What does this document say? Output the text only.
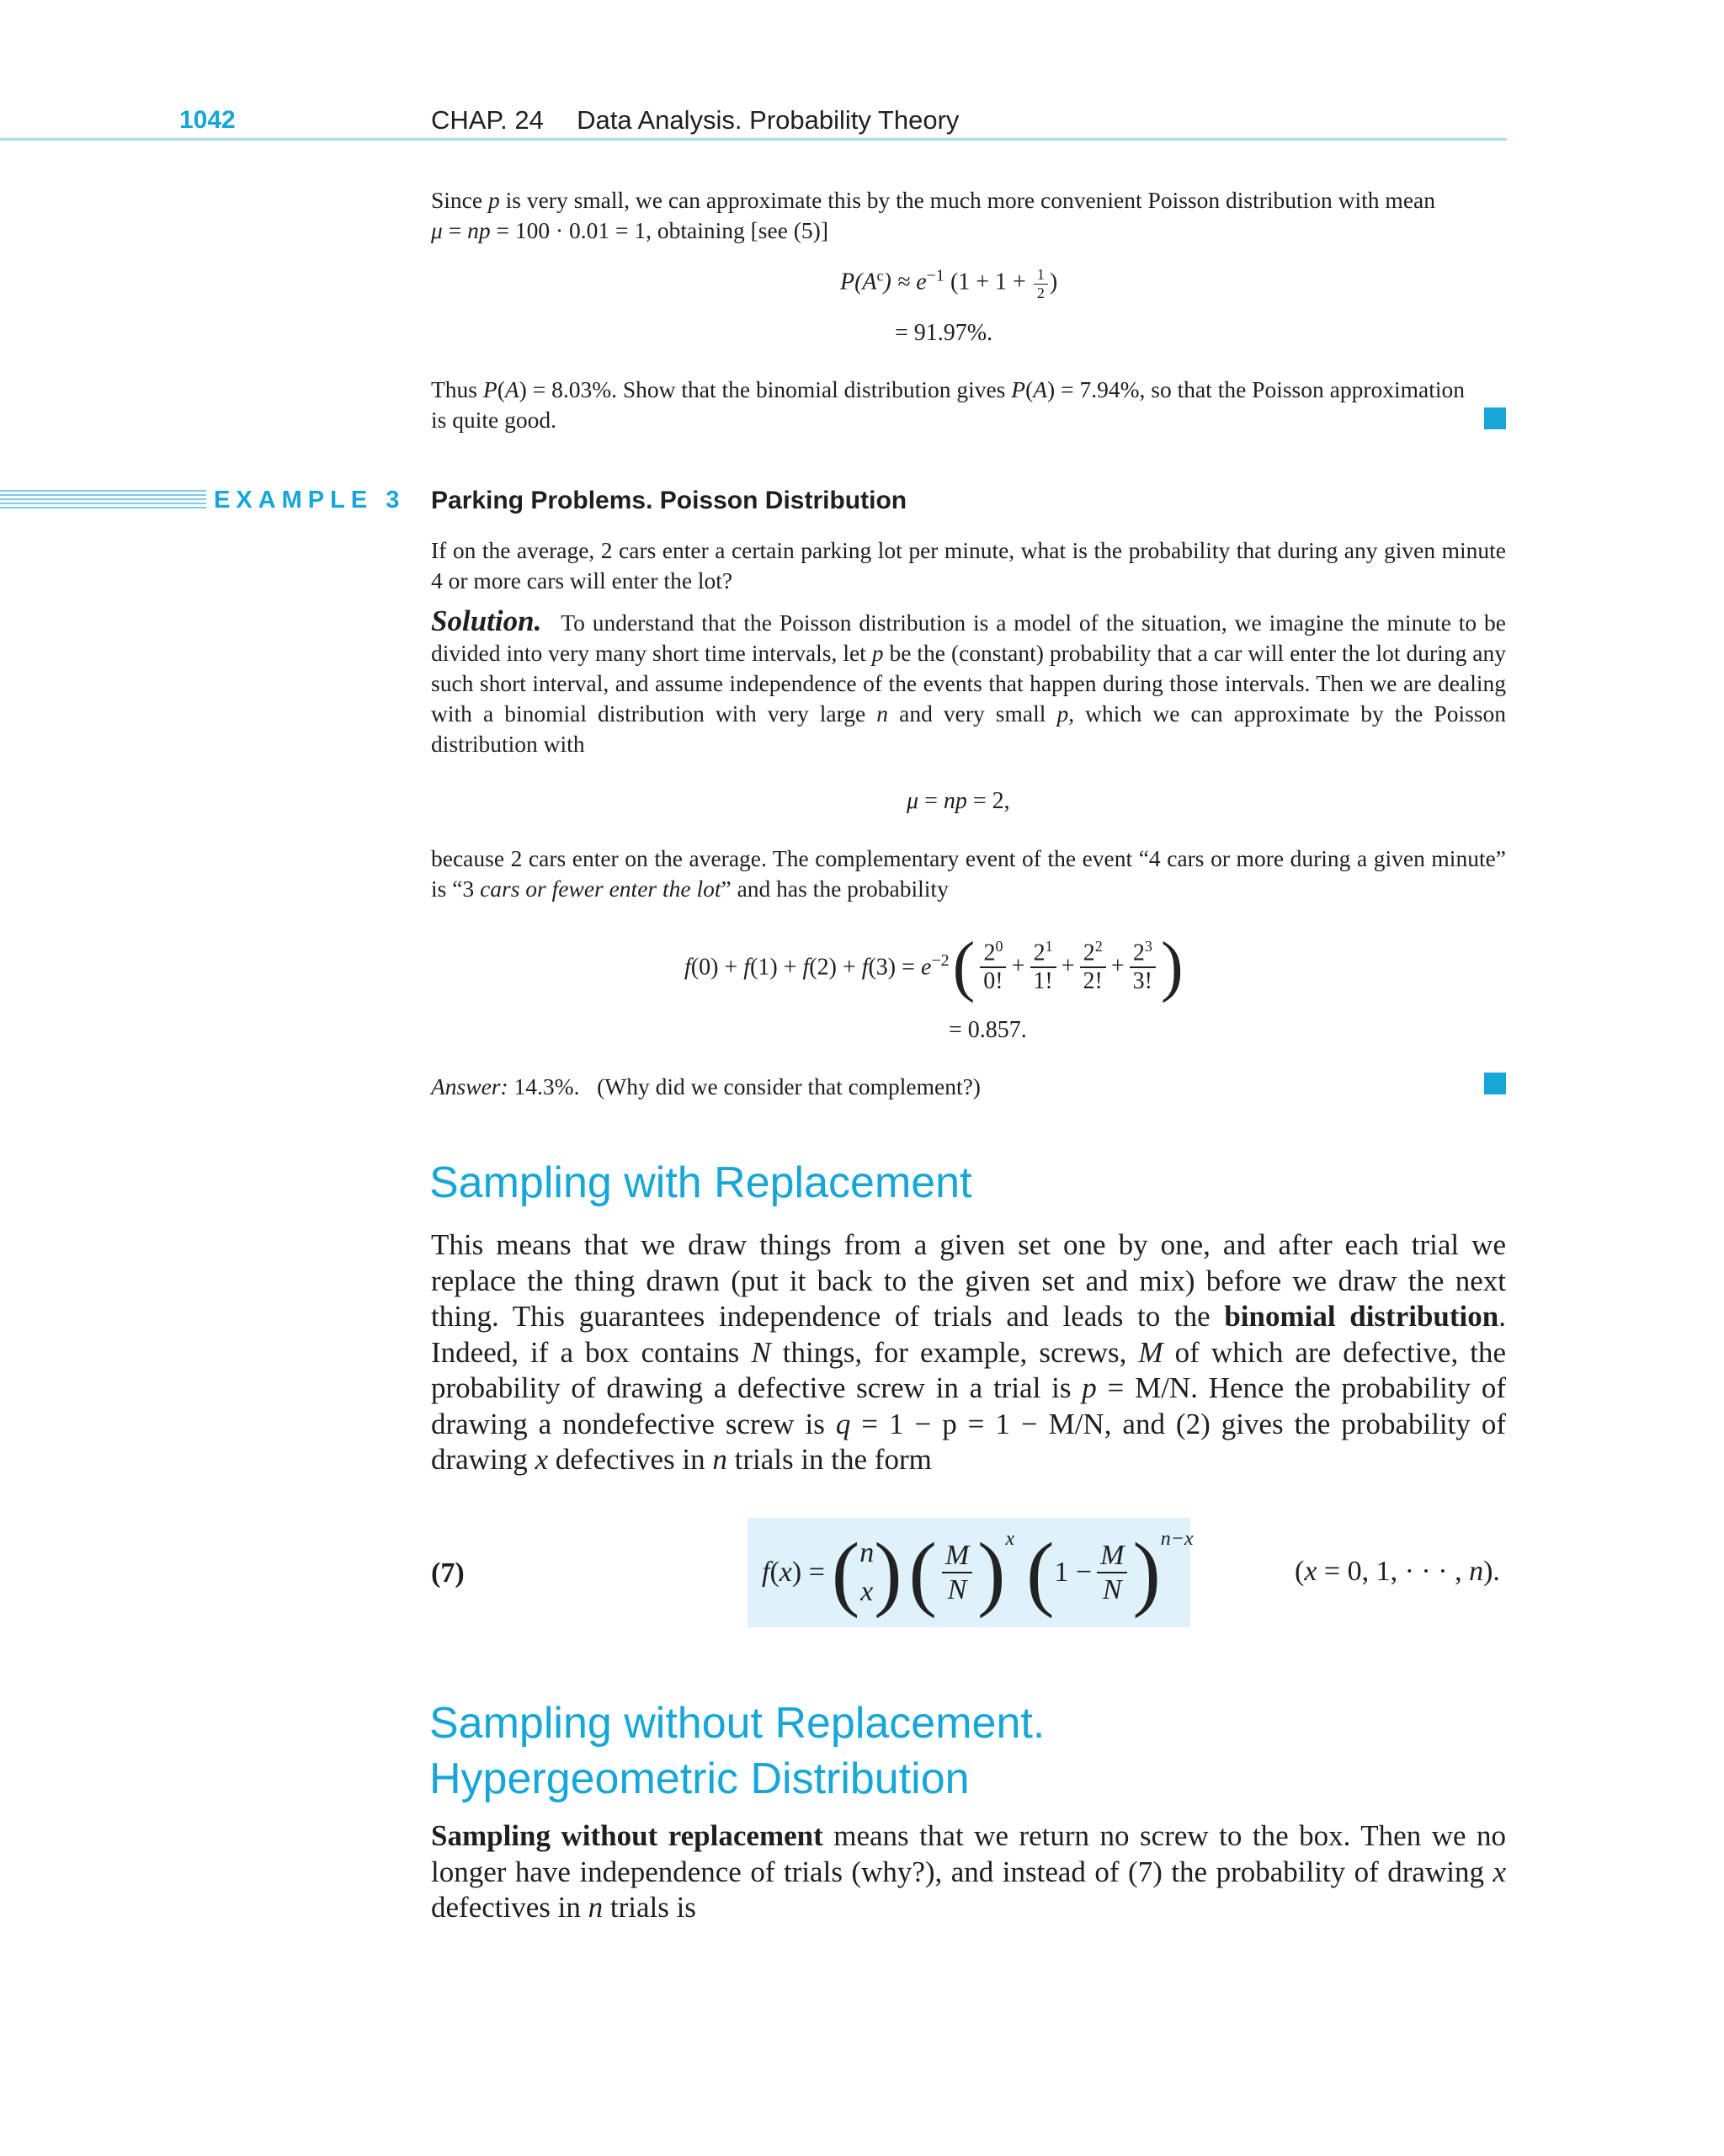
1042	CHAP. 24 Data Analysis. Probability Theory

Since p is very small, we can approximate this by the much more convenient Poisson distribution with mean
μ = np = 100 · 0.01 = 1, obtaining [see (5)]

$P(A^c) \approx e^{-1}$ ($1 + 1 + \frac{1}{2}$ )
= 91.97%.

Thus P(A) = 8.03%. Show that the binomial distribution gives P(A) = 7.94%, so that the Poisson approximation
is quite good.

EXAMPLE 3 Parking Problems. Poisson Distribution
If on the average, 2 cars enter a certain parking lot per minute, what is the probability that during any given minute 4 or more cars will enter the lot?

Solution. To understand that the Poisson distribution is a model of the situation, we imagine the minute to be divided into very many short time intervals, let p be the (constant) probability that a car will enter the lot during any such short interval, and assume independence of the events that happen during those intervals. Then we are dealing with a binomial distribution with very large n and very small p, which we can approximate by the Poisson distribution with

μ = np = 2,

because 2 cars enter on the average. The complementary event of the event “4 cars or more during a given minute” is “3 cars or fewer enter the lot” and has the probability

$f(0) + f(1) + f(2) + f(3) = e^{-2}$ ( $\frac{2^0}{0!} + \frac{2^1}{1!} + \frac{2^2}{2!} + \frac{2^3}{3!}$ )
= 0.857.
Answer: 14.3%.   (Why did we consider that complement?)
Sampling with Replacement

This means that we draw things from a given set one by one, and after each trial we replace the thing drawn (put it back to the given set and mix) before we draw the next thing. This guarantees independence of trials and leads to the binomial distribution. Indeed, if a box contains N things, for example, screws, M of which are defective, the probability of drawing a defective screw in a trial is p = M/N. Hence the probability of drawing a nondefective screw is q = 1 − p = 1 − M/N, and (2) gives the probability of drawing x defectives in n trials in the form

(7)	f(x) = ( n
x ) ( $\frac{M}{N}$ ) $^x$ ( $1 - \frac{M}{N}$ ) $^{n-x}$
(x = 0, 1, · · · , n).
Sampling without Replacement.
Hypergeometric Distribution

Sampling without replacement means that we return no screw to the box. Then we no longer have independence of trials (why?), and instead of (7) the probability of drawing x defectives in n trials is
